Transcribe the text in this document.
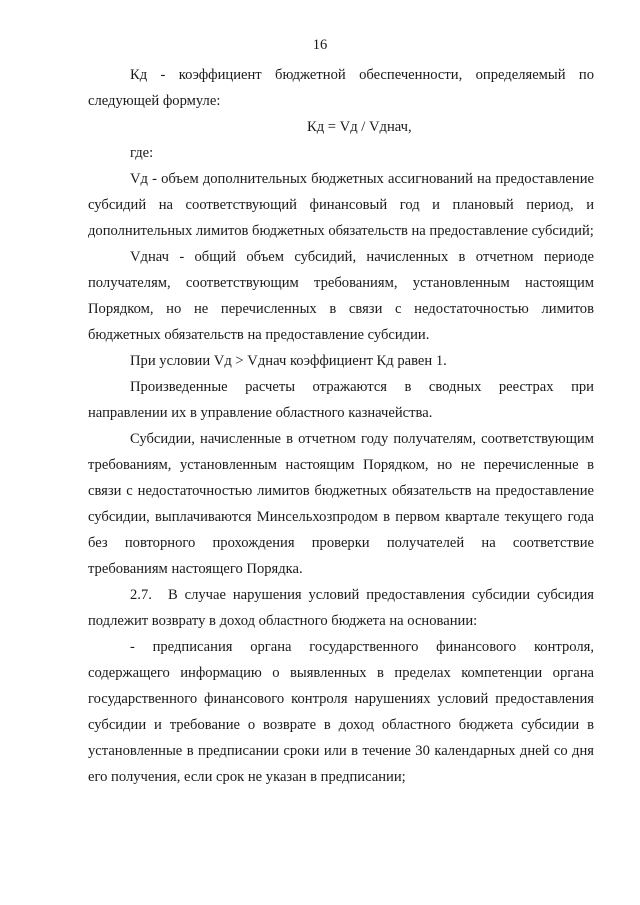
16

Кд - коэффициент бюджетной обеспеченности, определяемый по следующей формуле:

Кд = Vд / Vднач,

где:

Vд - объем дополнительных бюджетных ассигнований на предоставление субсидий на соответствующий финансовый год и плановый период, и дополнительных лимитов бюджетных обязательств на предоставление субсидий;

Vднач - общий объем субсидий, начисленных в отчетном периоде получателям, соответствующим требованиям, установленным настоящим Порядком, но не перечисленных в связи с недостаточностью лимитов бюджетных обязательств на предоставление субсидии.

При условии Vд > Vднач коэффициент Кд равен 1.

Произведенные расчеты отражаются в сводных реестрах при направлении их в управление областного казначейства.

Субсидии, начисленные в отчетном году получателям, соответствующим требованиям, установленным настоящим Порядком, но не перечисленные в связи с недостаточностью лимитов бюджетных обязательств на предоставление субсидии, выплачиваются Минсельхозпродом в первом квартале текущего года без повторного прохождения проверки получателей на соответствие требованиям настоящего Порядка.

2.7. В случае нарушения условий предоставления субсидии субсидия подлежит возврату в доход областного бюджета на основании:

- предписания органа государственного финансового контроля, содержащего информацию о выявленных в пределах компетенции органа государственного финансового контроля нарушениях условий предоставления субсидии и требование о возврате в доход областного бюджета субсидии в установленные в предписании сроки или в течение 30 календарных дней со дня его получения, если срок не указан в предписании;
